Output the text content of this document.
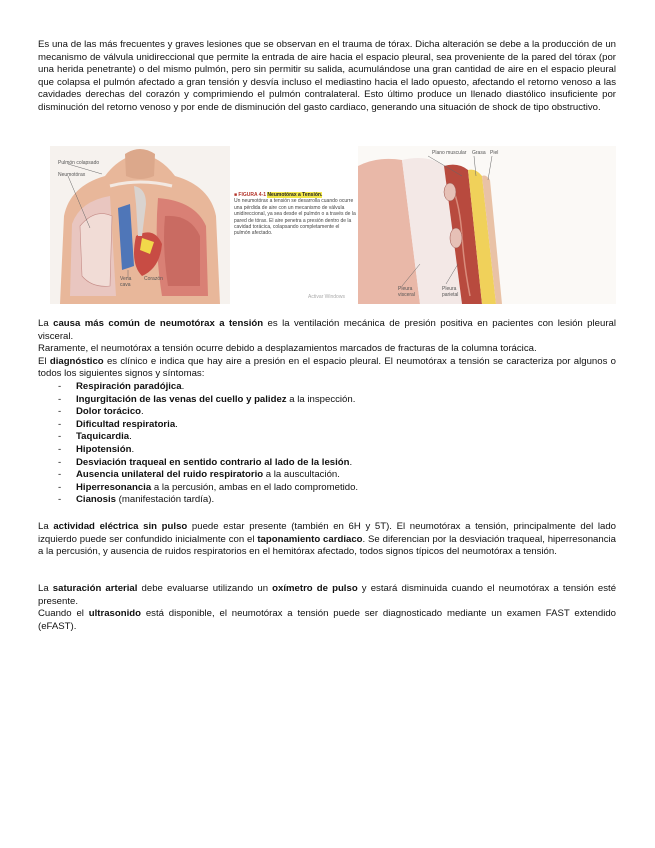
Es una de las más frecuentes y graves lesiones que se observan en el trauma de tórax. Dicha alteración se debe a la producción de un mecanismo de válvula unidireccional que permite la entrada de aire hacia el espacio pleural, sea proveniente de la pared del tórax (por una herida penetrante) o del mismo pulmón, pero sin permitir su salida, acumulándose una gran cantidad de aire en el espacio pleural que colapsa el pulmón afectado a gran tensión y desvía incluso el mediastino hacia el lado opuesto, afectando el retorno venoso a las cavidades derechas del corazón y comprimiendo el pulmón contralateral. Esto último produce un llenado diastólico insuficiente por disminución del retorno venoso y por ende de disminución del gasto cardiaco, generando una situación de shock de tipo obstructivo.

Pulmón colapsado
Neumotórax
Vena cava
Corazón
■ FIGURA 4-1 Neumotórax a Tensión.
Un neumotórax a tensión se desarrolla cuando ocurre una pérdida de aire con un mecanismo de válvula unidireccional, ya sea desde el pulmón o a través de la pared de tórax. El aire penetra a presión dentro de la cavidad torácica, colapsando completamente el pulmón afectado.
Plano muscular Grasa Piel
Pleura visceral
Pleura parietal
Activar Windows

La causa más común de neumotórax a tensión es la ventilación mecánica de presión positiva en pacientes con lesión pleural visceral.

Raramente, el neumotórax a tensión ocurre debido a desplazamientos marcados de fracturas de la columna torácica.

El diagnóstico es clínico e indica que hay aire a presión en el espacio pleural. El neumotórax a tensión se caracteriza por algunos o todos los siguientes signos y síntomas:

- Respiración paradójica.
- Ingurgitación de las venas del cuello y palidez a la inspección.
- Dolor torácico.
- Dificultad respiratoria.
- Taquicardia.
- Hipotensión.
- Desviación traqueal en sentido contrario al lado de la lesión.
- Ausencia unilateral del ruido respiratorio a la auscultación.
- Hiperresonancia a la percusión, ambas en el lado comprometido.
- Cianosis (manifestación tardía).

La actividad eléctrica sin pulso puede estar presente (también en 6H y 5T). El neumotórax a tensión, principalmente del lado izquierdo puede ser confundido inicialmente con el taponamiento cardiaco. Se diferencian por la desviación traqueal, hiperresonancia a la percusión, y ausencia de ruidos respiratorios en el hemitórax afectado, todos signos típicos del neumotórax a tensión.

La saturación arterial debe evaluarse utilizando un oxímetro de pulso y estará disminuida cuando el neumotórax a tensión esté presente.

Cuando el ultrasonido está disponible, el neumotórax a tensión puede ser diagnosticado mediante un examen FAST extendido (eFAST).
